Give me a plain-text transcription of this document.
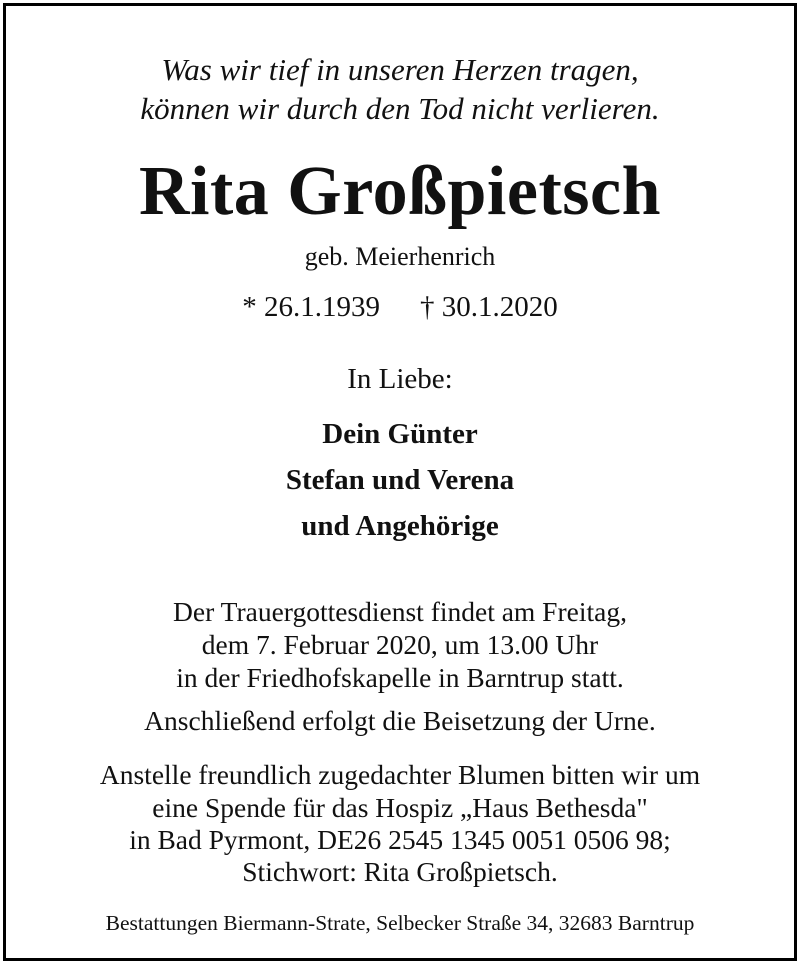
Was wir tief in unseren Herzen tragen,
können wir durch den Tod nicht verlieren.
Rita Großpietsch
geb. Meierhenrich
* 26.1.1939 † 30.1.2020
In Liebe:
Dein Günter
Stefan und Verena
und Angehörige
Der Trauergottesdienst findet am Freitag,
dem 7. Februar 2020, um 13.00 Uhr
in der Friedhofskapelle in Barntrup statt.
Anschließend erfolgt die Beisetzung der Urne.
Anstelle freundlich zugedachter Blumen bitten wir um
eine Spende für das Hospiz „Haus Bethesda"
in Bad Pyrmont, DE26 2545 1345 0051 0506 98;
Stichwort: Rita Großpietsch.
Bestattungen Biermann-Strate, Selbecker Straße 34, 32683 Barntrup
